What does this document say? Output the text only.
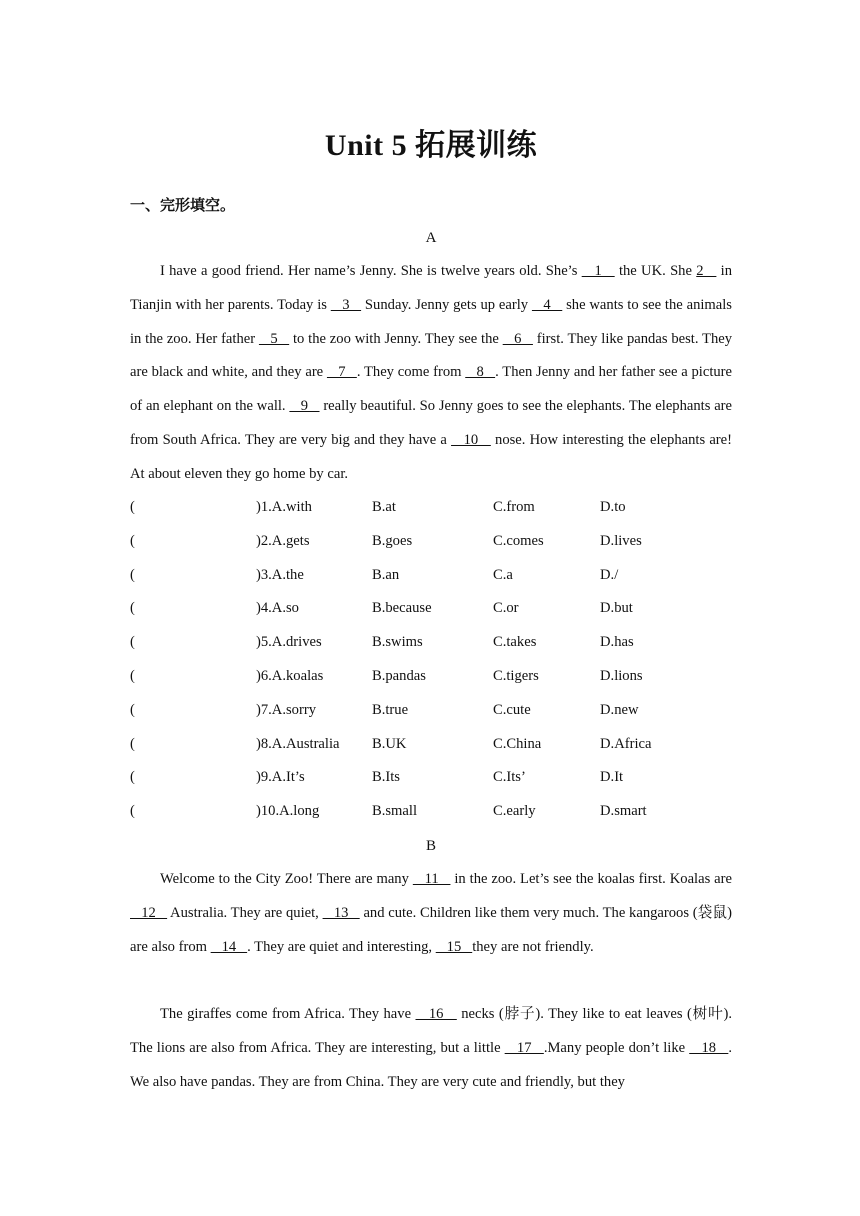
Unit 5 拓展训练
一、完形填空。
A
I have a good friend. Her name’s Jenny. She is twelve years old. She’s    1    the UK. She 2    in Tianjin with her parents. Today is    3    Sunday. Jenny gets up early    4    she wants to see the animals in the zoo. Her father    5    to the zoo with Jenny. They see the    6    first. They like pandas best. They are black and white, and they are    7   . They come from    8   . Then Jenny and her father see a picture of an elephant on the wall.    9    really beautiful. So Jenny goes to see the elephants. The elephants are from South Africa. They are very big and they have a    10    nose. How interesting the elephants are! At about eleven they go home by car.
(	)1.A.with	B.at	C.from	D.to
(	)2.A.gets	B.goes	C.comes	D.lives
(	)3.A.the	B.an	C.a	D./
(	)4.A.so	B.because	C.or	D.but
(	)5.A.drives	B.swims	C.takes	D.has
(	)6.A.koalas	B.pandas	C.tigers	D.lions
(	)7.A.sorry	B.true	C.cute	D.new
(	)8.A.Australia B.UK	C.China	D.Africa
(	)9.A.It’s	B.Its	C.Its’	D.It
(	)10.A.long	B.small	C.early	D.smart
B
Welcome to the City Zoo! There are many    11    in the zoo. Let’s see the koalas first. Koalas are    12    Australia. They are quiet,    13    and cute. Children like them very much. The kangaroos (袋鼠) are also from    14   . They are quiet and interesting,    15   they are not friendly.
The giraffes come from Africa. They have    16    necks (脖子). They like to eat leaves (树叶). The lions are also from Africa. They are interesting, but a little    17   .Many people don’t like    18   . We also have pandas. They are from China. They are very cute and friendly, but they
